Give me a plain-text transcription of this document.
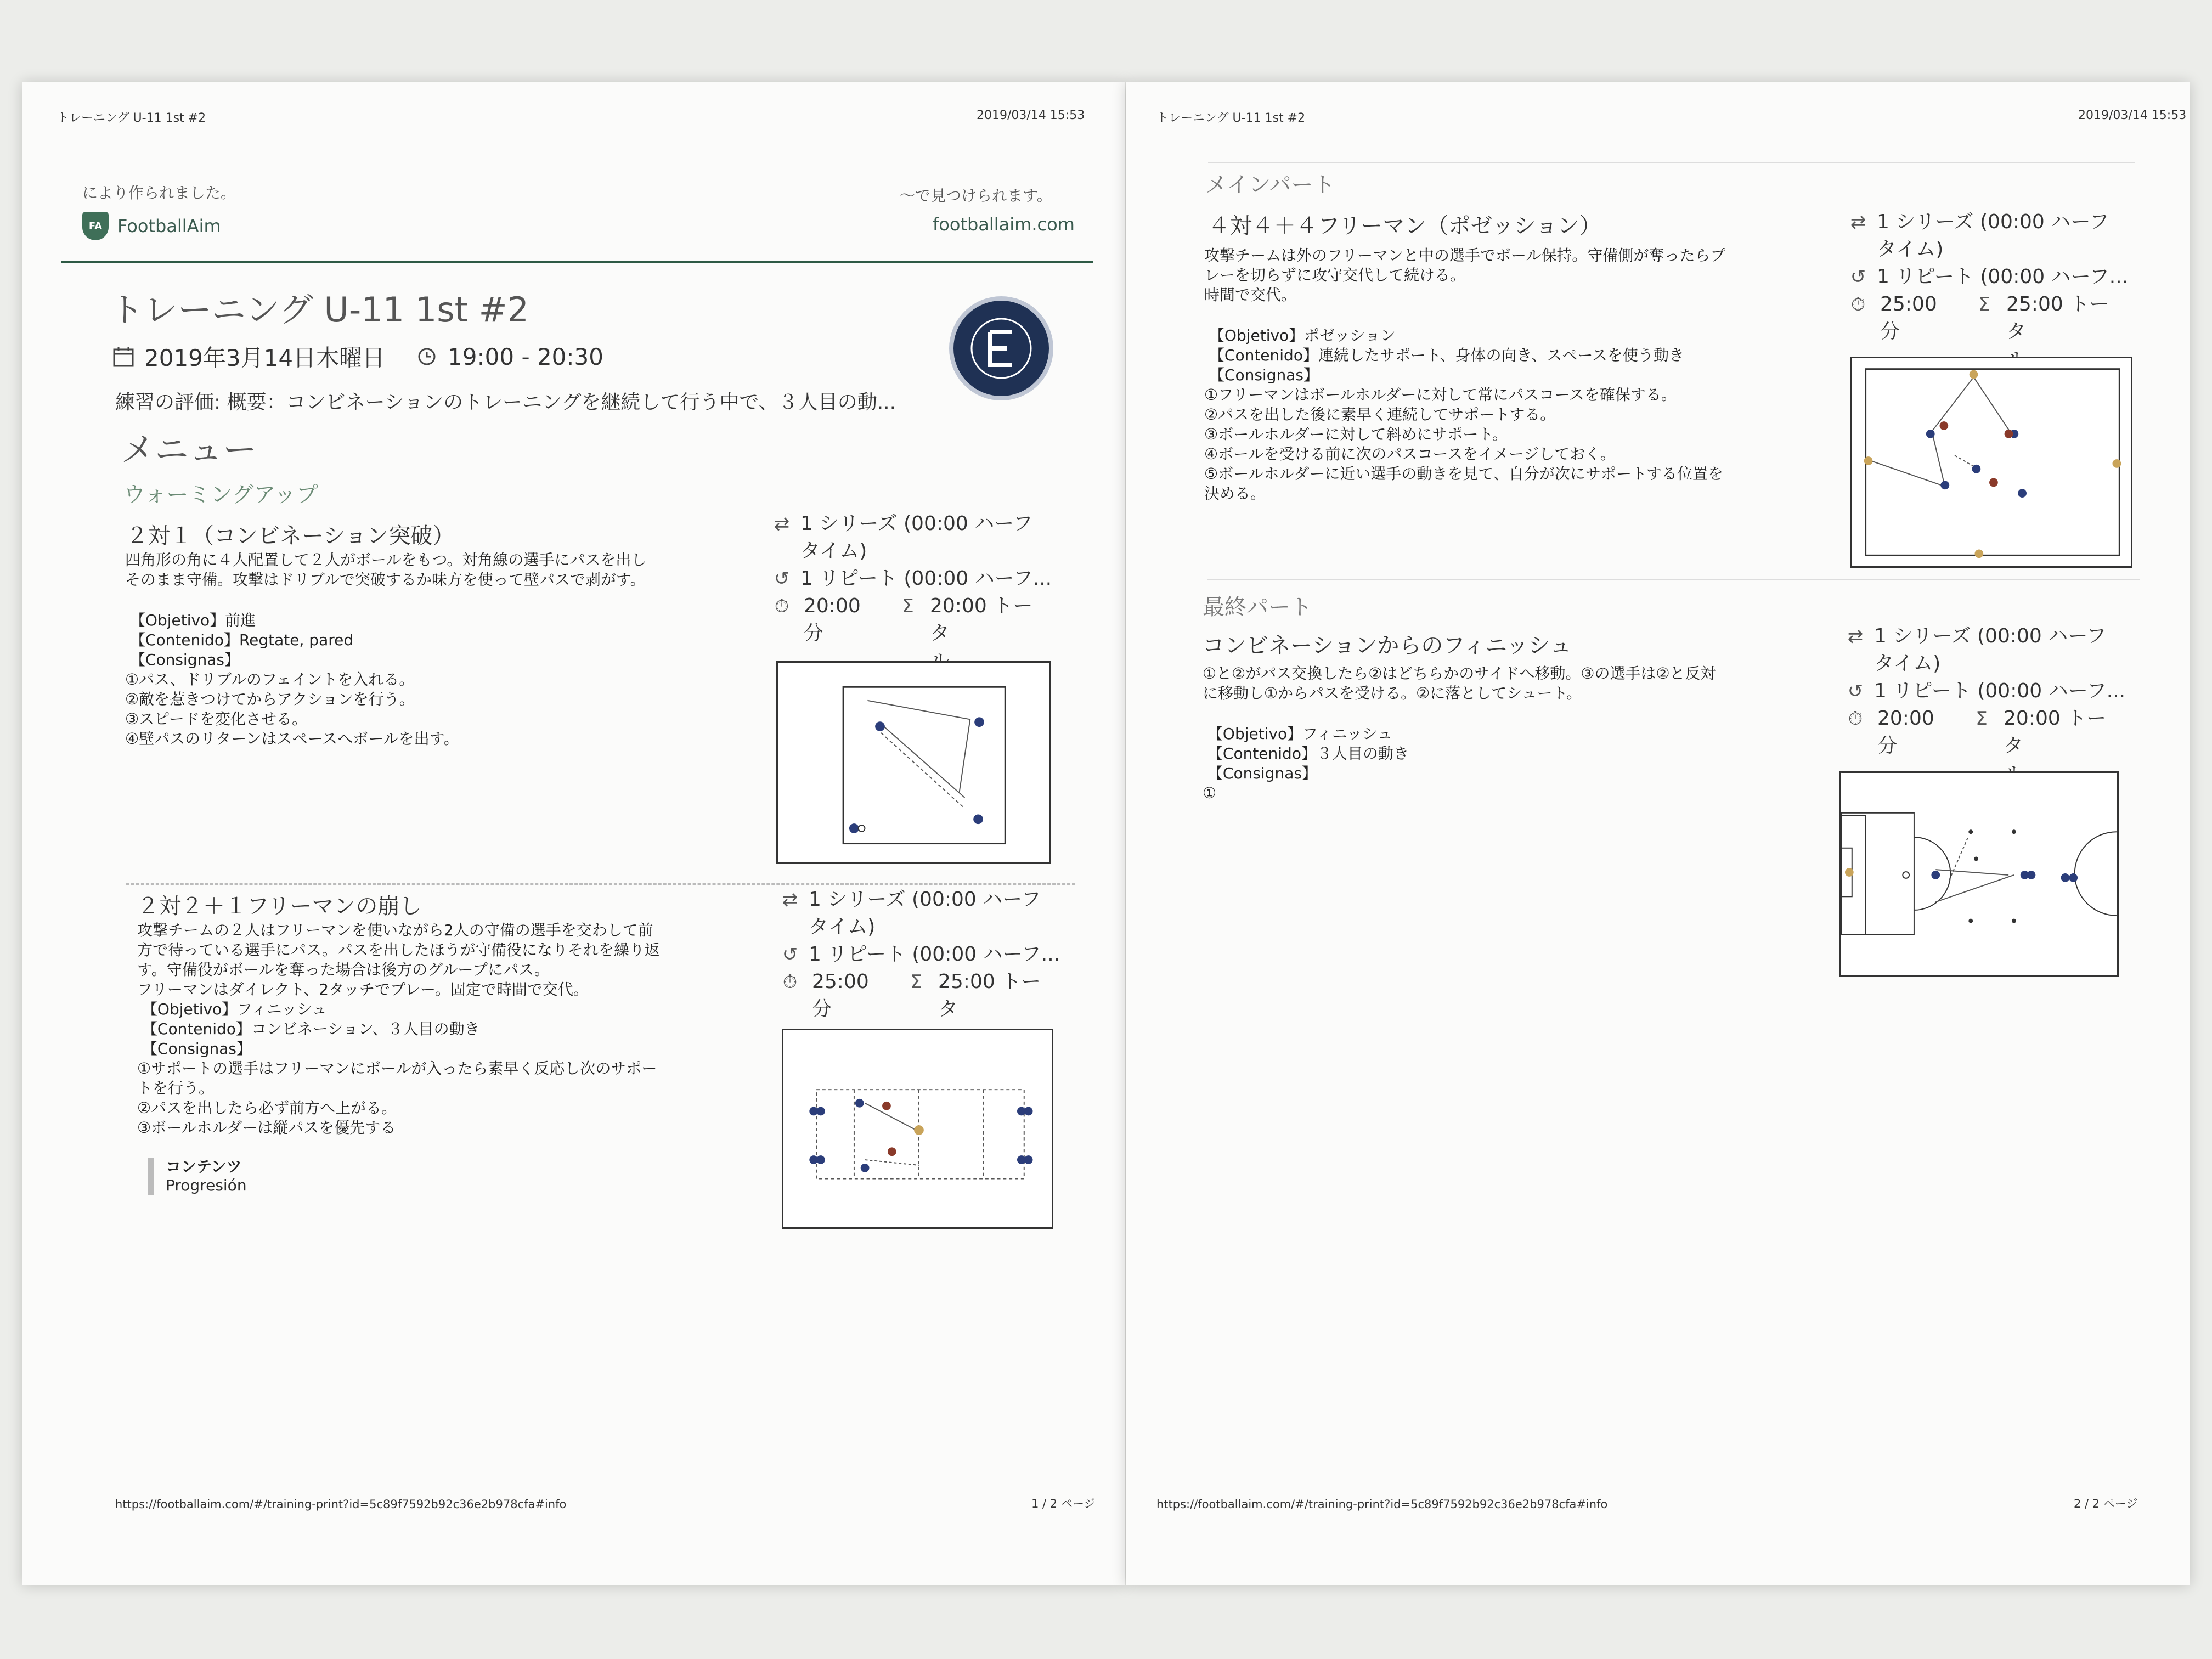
トレーニング U-11 1st #2	2019/03/14 15:53
により作られました。	〜で見つけられます。
FA FootballAim	footballaim.com
トレーニング U-11 1st #2
2019年3月14日木曜日	19:00 - 20:30
練習の評価: 概要：コンビネーションのトレーニングを継続して行う中で、３人目の動...
メニュー
ウォーミングアップ
２対１（コンビネーション突破）

四角形の角に４人配置して２人がボールをもつ。対角線の選手にパスを出し

そのまま守備。攻撃はドリブルで突破するか味方を使って壁パスで剥がす。

【Objetivo】前進

【Contenido】Regtate, pared

【Consignas】

①パス、ドリブルのフェイントを入れる。

②敵を惹きつけてからアクションを行う。

③スピードを変化させる。

④壁パスのリターンはスペースへボールを出す。

⇄ 1 シリーズ (00:00 ハーフ
タイム)
↺ 1 リピート (00:00 ハーフ...
⏱ 20:00
分
Σ 20:00 トータ
２対２＋１フリーマンの崩し

攻撃チームの２人はフリーマンを使いながら2人の守備の選手を交わして前

方で待っている選手にパス。パスを出したほうが守備役になりそれを繰り返

す。守備役がボールを奪った場合は後方のグループにパス。

フリーマンはダイレクト、2タッチでプレー。固定で時間で交代。

【Objetivo】フィニッシュ

【Contenido】コンビネーション、３人目の動き

【Consignas】

①サポートの選手はフリーマンにボールが入ったら素早く反応し次のサポー

トを行う。

②パスを出したら必ず前方へ上がる。

③ボールホルダーは縦パスを優先する

コンテンツ
Progresión
⇄ 1 シリーズ (00:00 ハーフ
タイム)
↺ 1 リピート (00:00 ハーフ...
⏱ 25:00
分
Σ 25:00 トータ
https://footballaim.com/#/training-print?id=5c89f7592b92c36e2b978cfa#info	1 / 2 ページ
トレーニング U-11 1st #2	2019/03/14 15:53
メインパート
４対４＋４フリーマン（ポゼッション）

攻撃チームは外のフリーマンと中の選手でボール保持。守備側が奪ったらプ

レーを切らずに攻守交代して続ける。

時間で交代。

【Objetivo】ポゼッション

【Contenido】連続したサポート、身体の向き、スペースを使う動き

【Consignas】

①フリーマンはボールホルダーに対して常にパスコースを確保する。

②パスを出した後に素早く連続してサポートする。

③ボールホルダーに対して斜めにサポート。

④ボールを受ける前に次のパスコースをイメージしておく。

⑤ボールホルダーに近い選手の動きを見て、自分が次にサポートする位置を

決める。

⇄ 1 シリーズ (00:00 ハーフ
タイム)
↺ 1 リピート (00:00 ハーフ...
⏱ 25:00
分
Σ 25:00 トータ
最終パート
コンビネーションからのフィニッシュ

①と②がパス交換したら②はどちらかのサイドへ移動。③の選手は②と反対

に移動し①からパスを受ける。②に落としてシュート。

【Objetivo】フィニッシュ

【Contenido】３人目の動き

【Consignas】

①

⇄ 1 シリーズ (00:00 ハーフ
タイム)
↺ 1 リピート (00:00 ハーフ...
⏱ 20:00
分
Σ 20:00 トータ
https://footballaim.com/#/training-print?id=5c89f7592b92c36e2b978cfa#info	2 / 2 ページ
